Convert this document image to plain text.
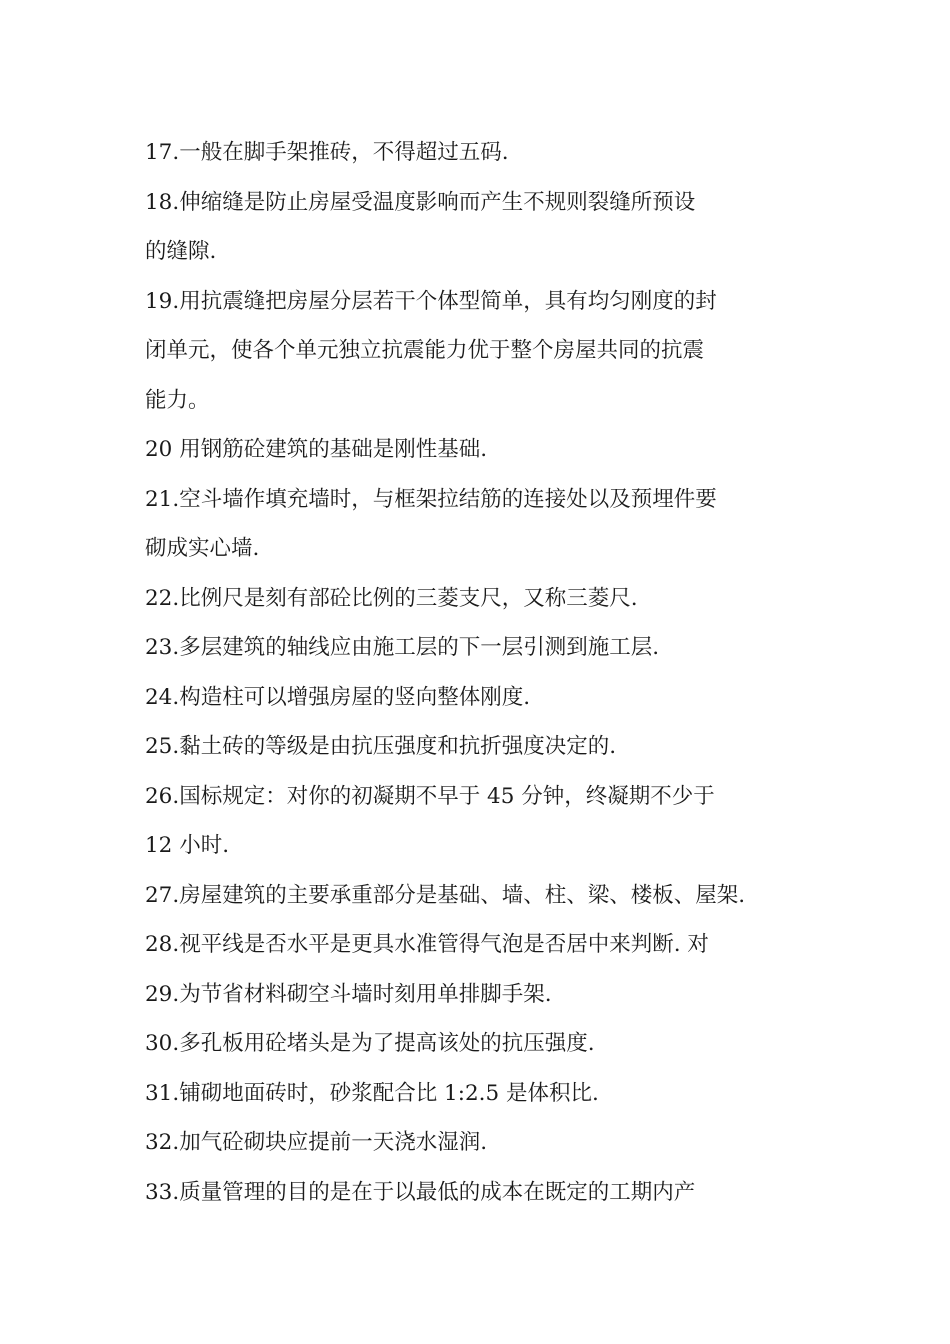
17.一般在脚手架推砖，不得超过五码.
18.伸缩缝是防止房屋受温度影响而产生不规则裂缝所预设
的缝隙.
19.用抗震缝把房屋分层若干个体型简单，具有均匀刚度的封
闭单元，使各个单元独立抗震能力优于整个房屋共同的抗震
能力。
20 用钢筋砼建筑的基础是刚性基础.
21.空斗墙作填充墙时，与框架拉结筋的连接处以及预埋件要
砌成实心墙.
22.比例尺是刻有部砼比例的三菱支尺，又称三菱尺.
23.多层建筑的轴线应由施工层的下一层引测到施工层.
24.构造柱可以增强房屋的竖向整体刚度.
25.黏土砖的等级是由抗压强度和抗折强度决定的.
26.国标规定：对你的初凝期不早于 45 分钟，终凝期不少于
12 小时.
27.房屋建筑的主要承重部分是基础、墙、柱、梁、楼板、屋架.
28.视平线是否水平是更具水准管得气泡是否居中来判断. 对
29.为节省材料砌空斗墙时刻用单排脚手架.
30.多孔板用砼堵头是为了提高该处的抗压强度.
31.铺砌地面砖时，砂浆配合比 1:2.5 是体积比.
32.加气砼砌块应提前一天浇水湿润.
33.质量管理的目的是在于以最低的成本在既定的工期内产
